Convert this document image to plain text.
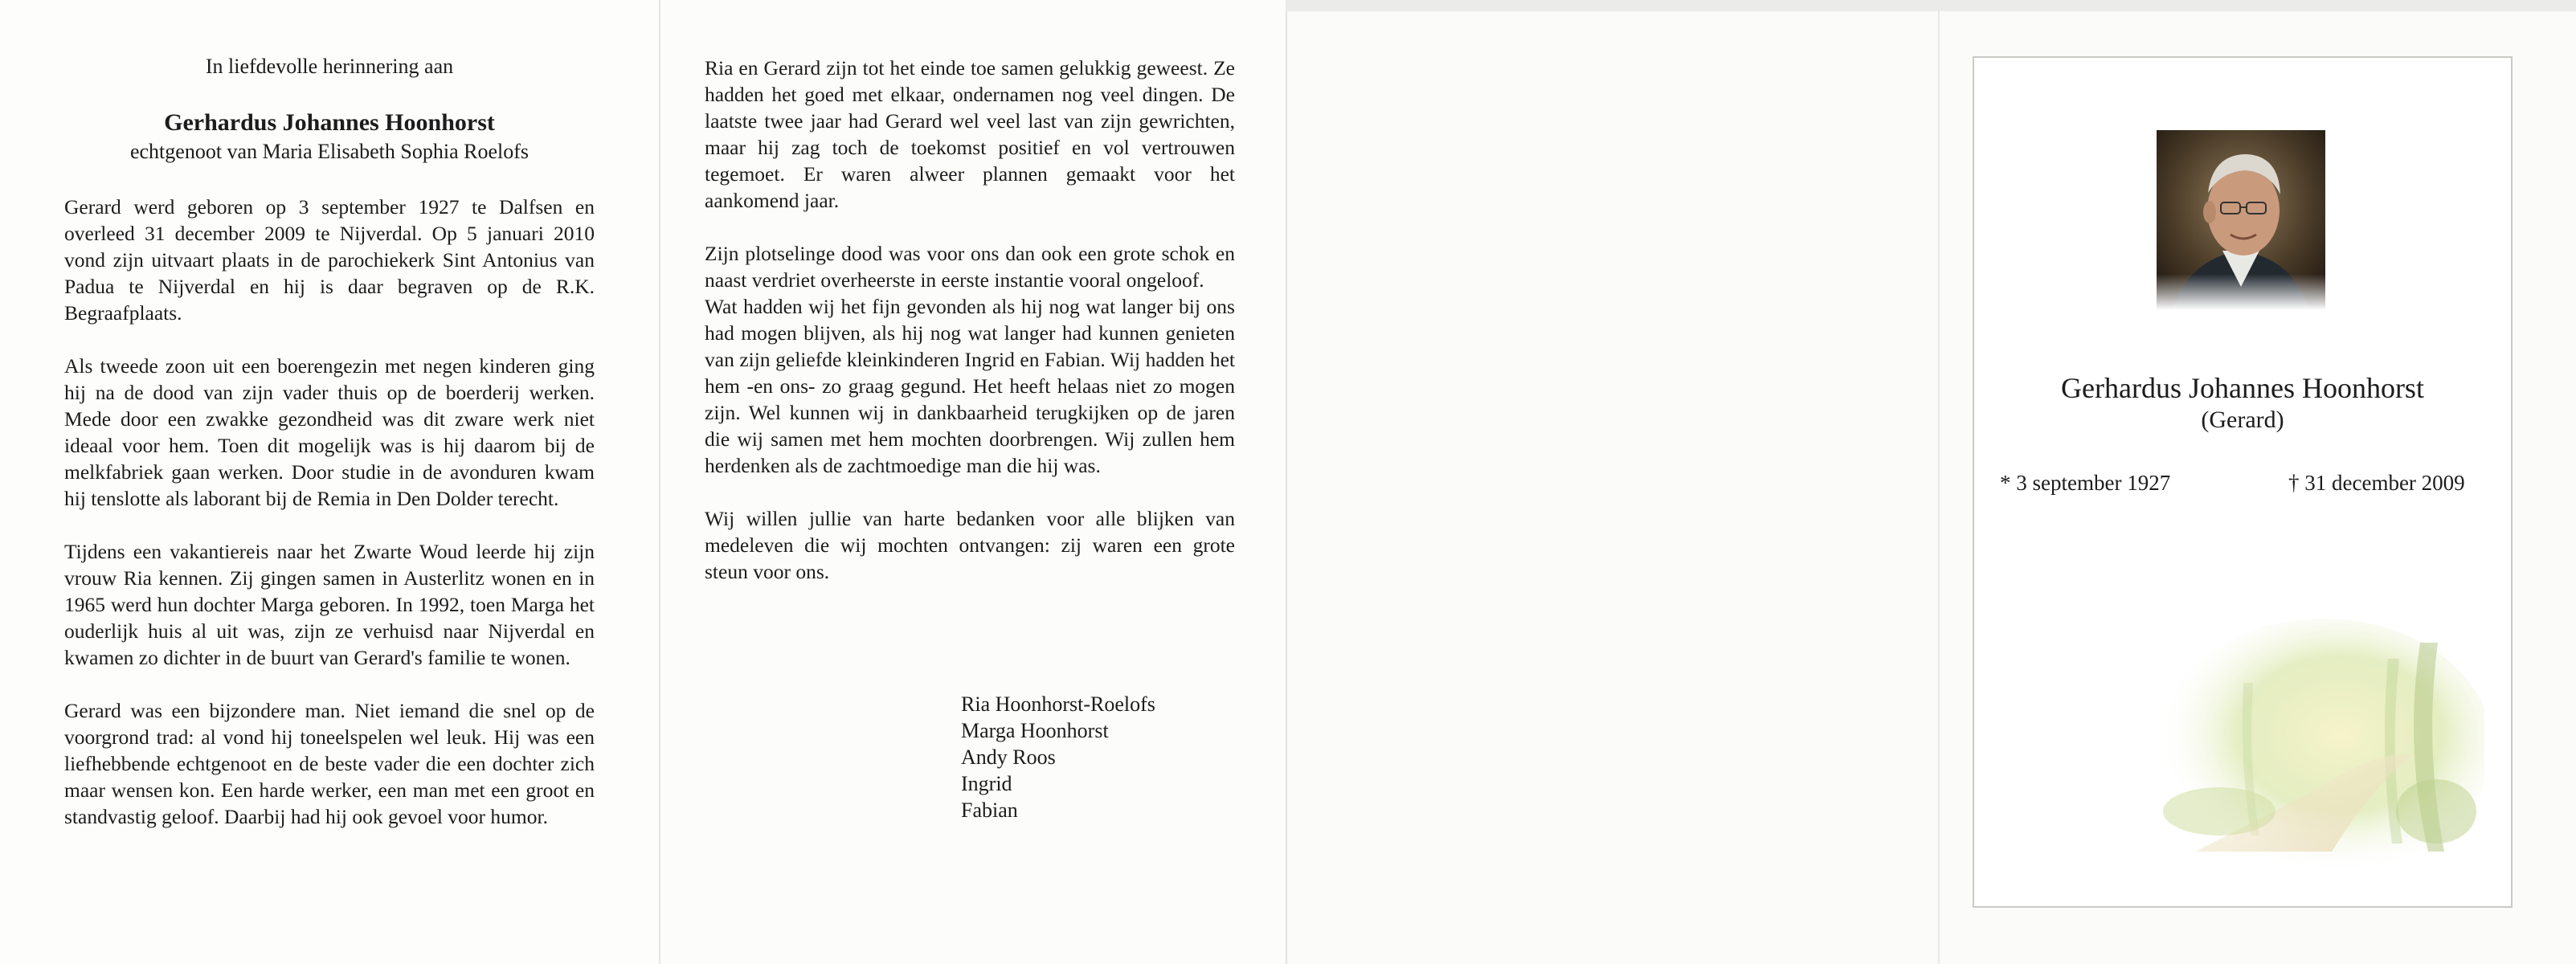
In liefdevolle herinnering aan
Gerhardus Johannes Hoonhorst
echtgenoot van Maria Elisabeth Sophia Roelofs

Gerard werd geboren op 3 september 1927 te Dalfsen en overleed 31 december 2009 te Nijverdal. Op 5 januari 2010 vond zijn uitvaart plaats in de parochiekerk Sint Antonius van Padua te Nijverdal en hij is daar begraven op de R.K. Begraafplaats.

Als tweede zoon uit een boerengezin met negen kinderen ging hij na de dood van zijn vader thuis op de boerderij werken. Mede door een zwakke gezondheid was dit zware werk niet ideaal voor hem. Toen dit mogelijk was is hij daarom bij de melkfabriek gaan werken. Door studie in de avonduren kwam hij tenslotte als laborant bij de Remia in Den Dolder terecht.

Tijdens een vakantiereis naar het Zwarte Woud leerde hij zijn vrouw Ria kennen. Zij gingen samen in Austerlitz wonen en in 1965 werd hun dochter Marga geboren. In 1992, toen Marga het ouderlijk huis al uit was, zijn ze verhuisd naar Nijverdal en kwamen zo dichter in de buurt van Gerard's familie te wonen.

Gerard was een bijzondere man. Niet iemand die snel op de voorgrond trad: al vond hij toneelspelen wel leuk. Hij was een liefhebbende echtgenoot en de beste vader die een dochter zich maar wensen kon. Een harde werker, een man met een groot en standvastig geloof. Daarbij had hij ook gevoel voor humor.

Ria en Gerard zijn tot het einde toe samen gelukkig geweest. Ze hadden het goed met elkaar, ondernamen nog veel dingen. De laatste twee jaar had Gerard wel veel last van zijn gewrichten, maar hij zag toch de toekomst positief en vol vertrouwen tegemoet. Er waren alweer plannen gemaakt voor het aankomend jaar.

Zijn plotselinge dood was voor ons dan ook een grote schok en naast verdriet overheerste in eerste instantie vooral ongeloof.

Wat hadden wij het fijn gevonden als hij nog wat langer bij ons had mogen blijven, als hij nog wat langer had kunnen genieten van zijn geliefde kleinkinderen Ingrid en Fabian. Wij hadden het hem -en ons- zo graag gegund. Het heeft helaas niet zo mogen zijn. Wel kunnen wij in dankbaarheid terugkijken op de jaren die wij samen met hem mochten doorbrengen. Wij zullen hem herdenken als de zachtmoedige man die hij was.

Wij willen jullie van harte bedanken voor alle blijken van medeleven die wij mochten ontvangen: zij waren een grote steun voor ons.

Ria Hoonhorst-Roelofs
Marga Hoonhorst
Andy Roos
Ingrid
Fabian
Gerhardus Johannes Hoonhorst
(Gerard)
* 3 september 1927	† 31 december 2009
